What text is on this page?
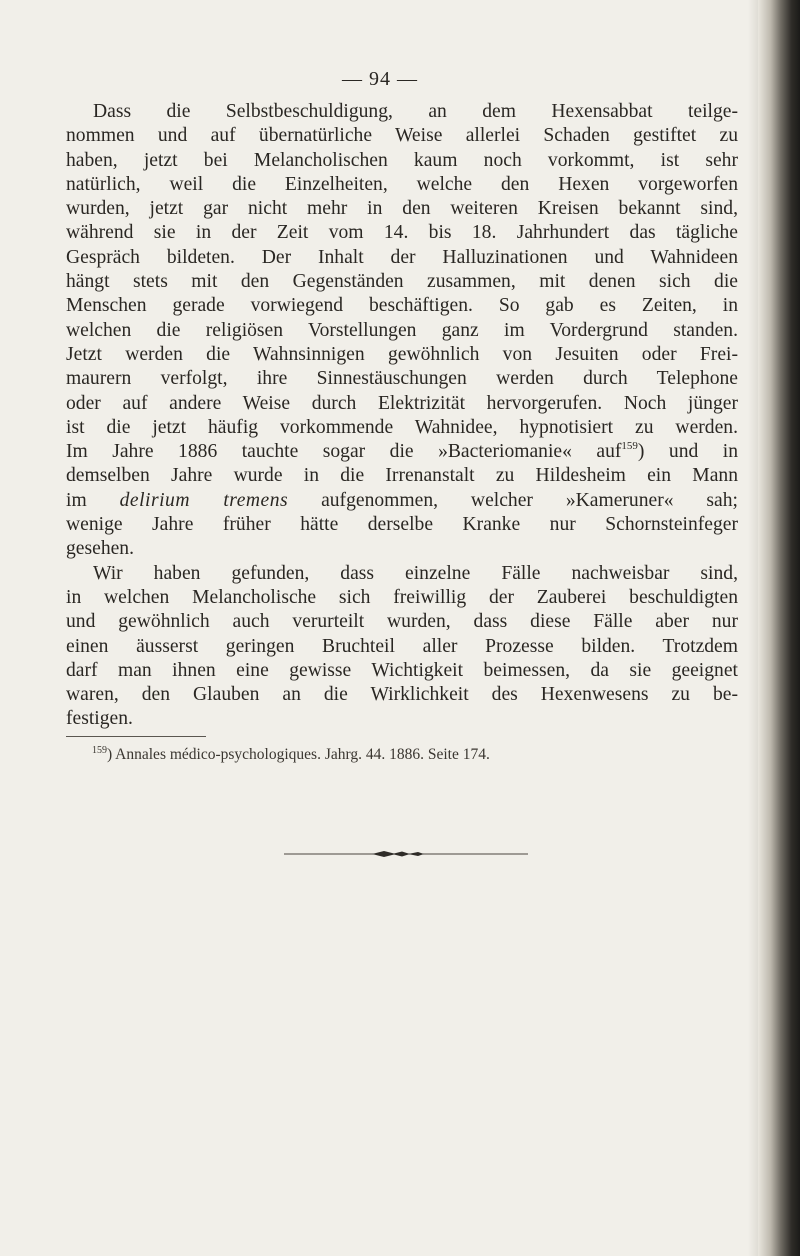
— 94 —
Dass die Selbstbeschuldigung, an dem Hexensabbat teilge-
nommen und auf übernatürliche Weise allerlei Schaden gestiftet zu
haben, jetzt bei Melancholischen kaum noch vorkommt, ist sehr
natürlich, weil die Einzelheiten, welche den Hexen vorgeworfen
wurden, jetzt gar nicht mehr in den weiteren Kreisen bekannt sind,
während sie in der Zeit vom 14. bis 18. Jahrhundert das tägliche
Gespräch bildeten. Der Inhalt der Halluzinationen und Wahnideen
hängt stets mit den Gegenständen zusammen, mit denen sich die
Menschen gerade vorwiegend beschäftigen. So gab es Zeiten, in
welchen die religiösen Vorstellungen ganz im Vordergrund standen.
Jetzt werden die Wahnsinnigen gewöhnlich von Jesuiten oder Frei-
maurern verfolgt, ihre Sinnestäuschungen werden durch Telephone
oder auf andere Weise durch Elektrizität hervorgerufen. Noch jünger
ist die jetzt häufig vorkommende Wahnidee, hypnotisiert zu werden.
Im Jahre 1886 tauchte sogar die »Bacteriomanie« auf$^{159}$) und in
demselben Jahre wurde in die Irrenanstalt zu Hildesheim ein Mann
im delirium tremens aufgenommen, welcher »Kameruner« sah;
wenige Jahre früher hätte derselbe Kranke nur Schornsteinfeger
gesehen.
Wir haben gefunden, dass einzelne Fälle nachweisbar sind,
in welchen Melancholische sich freiwillig der Zauberei beschuldigten
und gewöhnlich auch verurteilt wurden, dass diese Fälle aber nur
einen äusserst geringen Bruchteil aller Prozesse bilden. Trotzdem
darf man ihnen eine gewisse Wichtigkeit beimessen, da sie geeignet
waren, den Glauben an die Wirklichkeit des Hexenwesens zu be-
festigen.
$^{159}$) Annales médico-psychologiques. Jahrg. 44. 1886. Seite 174.
